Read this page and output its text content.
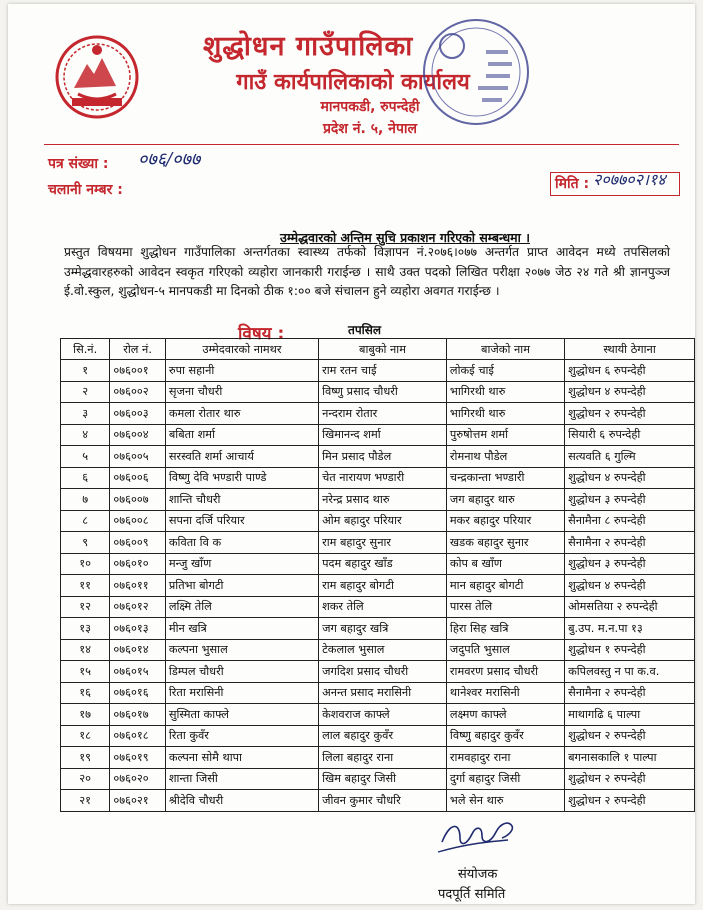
शुद्धोधन गाउँपालिका
गाउँ कार्यपालिकाको कार्यालय
मानपकडी, रुपन्देही
प्रदेश नं. ५, नेपाल
पत्र संख्या : ०७६/०७७
चलानी नम्बर :	मिति : २०७७०२।१४
उम्मेद्धवारको अन्तिम सुचि प्रकाशन गरिएको सम्बन्धमा ।
प्रस्तुत विषयमा शुद्धोधन गाउँपालिका अन्तर्गतका स्वास्थ्य तर्फको विज्ञापन नं.२०७६।०७७ अन्तर्गत प्राप्त आवेदन मध्ये तपसिलको उम्मेद्धवारहरुको आवेदन स्वकृत गरिएको व्यहोरा जानकारी गराईन्छ । साथै उक्त पदको लिखित परीक्षा २०७७ जेठ २४ गते श्री ज्ञानपुञ्ज ई.वो.स्कुल, शुद्धोधन-५ मानपकडी मा दिनको ठीक १:०० बजे संचालन हुने व्यहोरा अवगत गराईन्छ ।
विषय :	तपसिल
सि.नं.	रोल नं.	उम्मेदवारको नामथर	बाबुको नाम	बाजेको नाम	स्थायी ठेगाना
१	०७६००१	रुपा सहानी	राम रतन चाई	लोकई चाई	शुद्धोधन ६ रुपन्देही
२	०७६००२	सृजना चौधरी	विष्णु प्रसाद चौधरी	भागिरथी थारु	शुद्धोधन ४ रुपन्देही
३	०७६००३	कमला रोतार थारु	नन्दराम रोतार	भागिरथी थारु	शुद्धोधन २ रुपन्देही
४	०७६००४	बबिता शर्मा	खिमानन्द शर्मा	पुरुषोत्तम शर्मा	सियारी ६ रुपन्देही
५	०७६००५	सरस्वति शर्मा आचार्य	मिन प्रसाद पौडेल	रोमनाथ पौडेल	सत्यवति ६ गुल्मि
६	०७६००६	विष्णु देवि भण्डारी पाण्डे	चेत नारायण भण्डारी	चन्द्रकान्ता भण्डारी	शुद्धोधन ४ रुपन्देही
७	०७६००७	शान्ति चौधरी	नरेन्द्र प्रसाद थारु	जग बहादुर थारु	शुद्धोधन ३ रुपन्देही
८	०७६००८	सपना दर्जि परियार	ओम बहादुर परियार	मकर बहादुर परियार	सैनामैना ८ रुपन्देही
९	०७६००९	कविता वि क	राम बहादुर सुनार	खडक बहादुर सुनार	सैनामैना २ रुपन्देही
१०	०७६०१०	मन्जु खाँण	पदम बहादुर खाँड	कोप ब खाँण	शुद्धोधन ३ रुपन्देही
११	०७६०११	प्रतिभा बोगटी	राम बहादुर बोगटी	मान बहादुर बोगटी	शुद्धोधन ४ रुपन्देही
१२	०७६०१२	लक्ष्मि तेलि	शकर तेलि	पारस तेलि	ओमसतिया २ रुपन्देही
१३	०७६०१३	मीन खत्रि	जग बहादुर खत्रि	हिरा सिह खत्रि	बु.उप. म.न.पा १३
१४	०७६०१४	कल्पना भुसाल	टेकलाल भुसाल	जदुपति भुसाल	शुद्धोधन १ रुपन्देही
१५	०७६०१५	डिम्पल चौधरी	जगदिश प्रसाद चौधरी	रामवरण प्रसाद चौधरी	कपिलवस्तु न पा क.व.
१६	०७६०१६	रिता मरासिनी	अनन्त प्रसाद मरासिनी	थानेश्वर मरासिनी	सैनामैना २ रुपन्देही
१७	०७६०१७	सुस्मिता काफ्ले	केशवराज काफ्ले	लक्ष्मण काफ्ले	माथागढि ६ पाल्पा
१८	०७६०१८	रिता कुवँर	लाल बहादुर कुवँर	विष्णु बहादुर कुवँर	शुद्धोधन २ रुपन्देही
१९	०७६०१९	कल्पना सोमै थापा	लिला बहादुर राना	रामवहादुर राना	बगनासकालि १ पाल्पा
२०	०७६०२०	शान्ता जिसी	खिम बहादुर जिसी	दुर्गा बहादुर जिसी	शुद्धोधन २ रुपन्देही
२१	०७६०२१	श्रीदेवि चौधरी	जीवन कुमार चौधरि	भले सेन थारु	शुद्धोधन २ रुपन्देही
संयोजक
पदपूर्ति समिति
